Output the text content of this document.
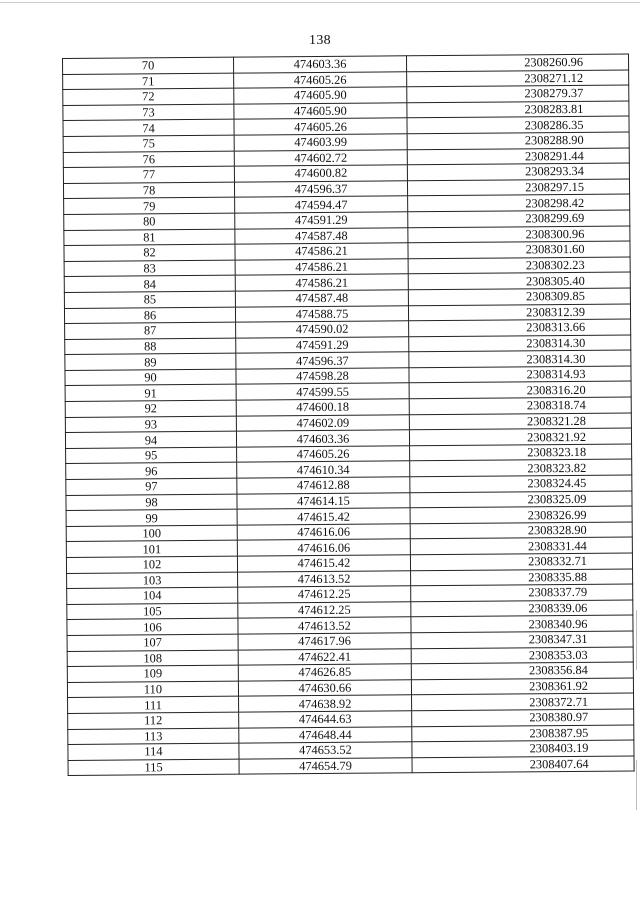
138
70	474603.36	2308260.96
71	474605.26	2308271.12
72	474605.90	2308279.37
73	474605.90	2308283.81
74	474605.26	2308286.35
75	474603.99	2308288.90
76	474602.72	2308291.44
77	474600.82	2308293.34
78	474596.37	2308297.15
79	474594.47	2308298.42
80	474591.29	2308299.69
81	474587.48	2308300.96
82	474586.21	2308301.60
83	474586.21	2308302.23
84	474586.21	2308305.40
85	474587.48	2308309.85
86	474588.75	2308312.39
87	474590.02	2308313.66
88	474591.29	2308314.30
89	474596.37	2308314.30
90	474598.28	2308314.93
91	474599.55	2308316.20
92	474600.18	2308318.74
93	474602.09	2308321.28
94	474603.36	2308321.92
95	474605.26	2308323.18
96	474610.34	2308323.82
97	474612.88	2308324.45
98	474614.15	2308325.09
99	474615.42	2308326.99
100	474616.06	2308328.90
101	474616.06	2308331.44
102	474615.42	2308332.71
103	474613.52	2308335.88
104	474612.25	2308337.79
105	474612.25	2308339.06
106	474613.52	2308340.96
107	474617.96	2308347.31
108	474622.41	2308353.03
109	474626.85	2308356.84
110	474630.66	2308361.92
111	474638.92	2308372.71
112	474644.63	2308380.97
113	474648.44	2308387.95
114	474653.52	2308403.19
115	474654.79	2308407.64
